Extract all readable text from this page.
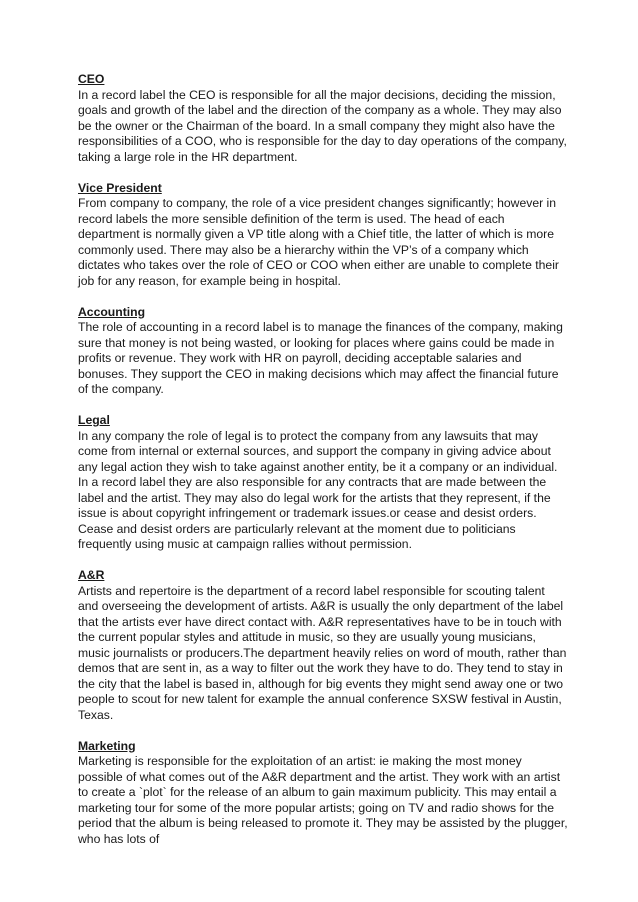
CEO

In a record label the CEO is responsible for all the major decisions, deciding the mission, goals and growth of the label and the direction of the company as a whole. They may also be the owner or the Chairman of the board. In a small company they might also have the responsibilities of a COO, who is responsible for the day to day operations of the company, taking a large role in the HR department.

Vice President

From company to company, the role of a vice president changes significantly; however in record labels the more sensible definition of the term is used. The head of each department is normally given a VP title along with a Chief title, the latter of which is more commonly used. There may also be a hierarchy within the VP’s of a company which dictates who takes over the role of CEO or COO when either are unable to complete their job for any reason, for example being in hospital.

Accounting

The role of accounting in a record label is to manage the finances of the company, making sure that money is not being wasted, or looking for places where gains could be made in profits or revenue. They work with HR on payroll, deciding acceptable salaries and bonuses. They support the CEO in making decisions which may affect the financial future of the company.

Legal

In any company the role of legal is to protect the company from any lawsuits that may come from internal or external sources, and support the company in giving advice about any legal action they wish to take against another entity, be it a company or an individual. In a record label they are also responsible for any contracts that are made between the label and the artist. They may also do legal work for the artists that they represent, if the issue is about copyright infringement or trademark issues.or cease and desist orders. Cease and desist orders are particularly relevant at the moment due to politicians frequently using music at campaign rallies without permission.

A&R

Artists and repertoire is the department of a record label responsible for scouting talent and overseeing the development of artists. A&R is usually the only department of the label that the artists ever have direct contact with. A&R representatives have to be in touch with the current popular styles and attitude in music, so they are usually young musicians, music journalists or producers.The department heavily relies on word of mouth, rather than demos that are sent in, as a way to filter out the work they have to do. They tend to stay in the city that the label is based in, although for big events they might send away one or two people to scout for new talent for example the annual conference SXSW festival in Austin, Texas.

Marketing

Marketing is responsible for the exploitation of an artist: ie making the most money possible of what comes out of the A&R department and the artist. They work with an artist to create a `plot` for the release of an album to gain maximum publicity. This may entail a marketing tour for some of the more popular artists; going on TV and radio shows for the period that the album is being released to promote it. They may be assisted by the plugger, who has lots of
